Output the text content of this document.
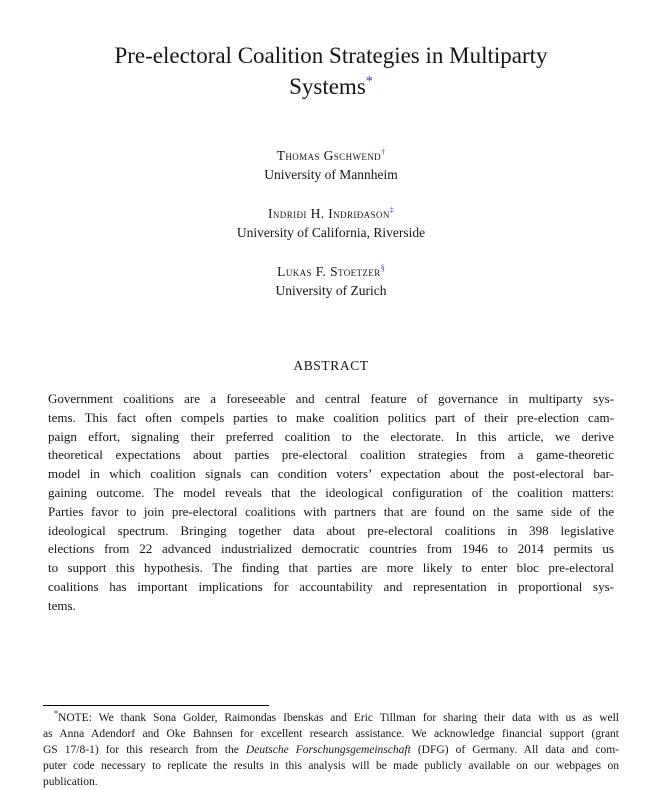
Pre-electoral Coalition Strategies in Multiparty
Systems*
Thomas Gschwend†
University of Mannheim
Indriði H. Indriðason‡
University of California, Riverside
Lukas F. Stoetzer§
University of Zurich
ABSTRACT
Government coalitions are a foreseeable and central feature of governance in multiparty sys-
tems. This fact often compels parties to make coalition politics part of their pre-election cam-
paign effort, signaling their preferred coalition to the electorate. In this article, we derive
theoretical expectations about parties pre-electoral coalition strategies from a game-theoretic
model in which coalition signals can condition voters’ expectation about the post-electoral bar-
gaining outcome. The model reveals that the ideological configuration of the coalition matters:
Parties favor to join pre-electoral coalitions with partners that are found on the same side of the
ideological spectrum. Bringing together data about pre-electoral coalitions in 398 legislative
elections from 22 advanced industrialized democratic countries from 1946 to 2014 permits us
to support this hypothesis. The finding that parties are more likely to enter bloc pre-electoral
coalitions has important implications for accountability and representation in proportional sys-
tems.
*NOTE: We thank Sona Golder, Raimondas Ibenskas and Eric Tillman for sharing their data with us as well
as Anna Adendorf and Oke Bahnsen for excellent research assistance. We acknowledge financial support (grant
GS 17/8-1) for this research from the Deutsche Forschungsgemeinschaft (DFG) of Germany. All data and com-
puter code necessary to replicate the results in this analysis will be made publicly available on our webpages on
publication.
